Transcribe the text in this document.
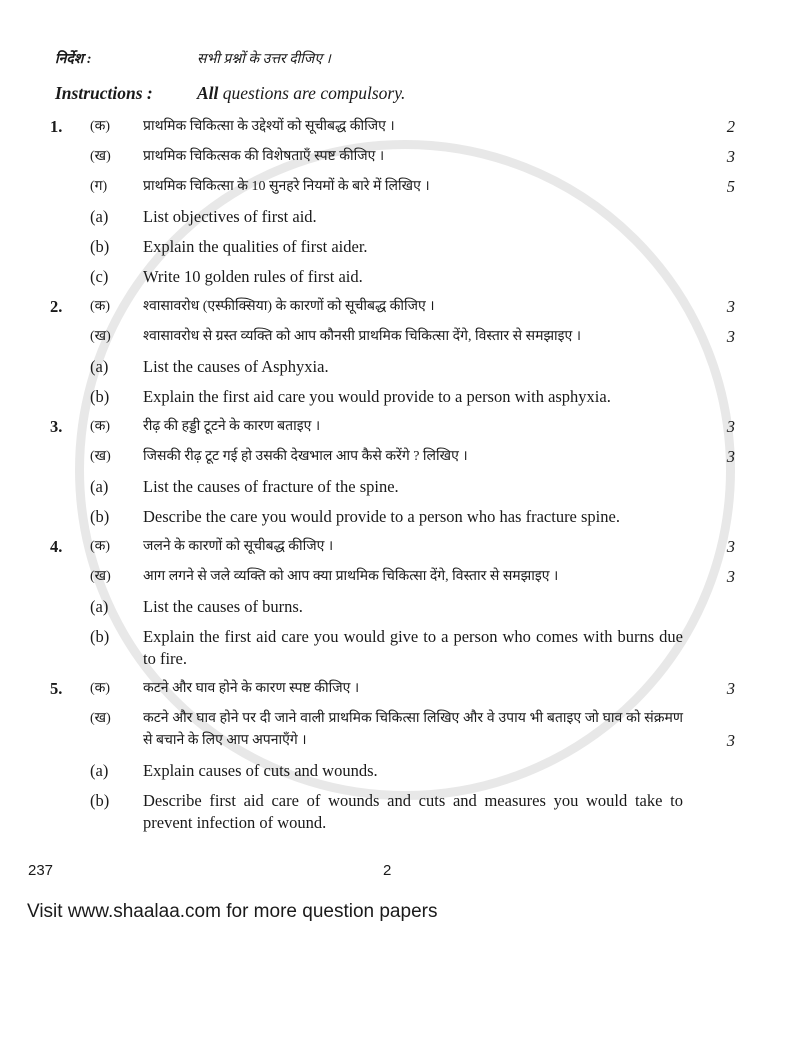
निर्देश :	सभी प्रश्नों के उत्तर दीजिए ।
Instructions :	All questions are compulsory.
1.	(क)	प्राथमिक चिकित्सा के उद्देश्यों को सूचीबद्ध कीजिए ।	2
(ख)	प्राथमिक चिकित्सक की विशेषताएँ स्पष्ट कीजिए ।	3
(ग)	प्राथमिक चिकित्सा के 10 सुनहरे नियमों के बारे में लिखिए ।	5
(a)	List objectives of first aid.
(b)	Explain the qualities of first aider.
(c)	Write 10 golden rules of first aid.
2.	(क)	श्वासावरोध (एस्फीक्सिया) के कारणों को सूचीबद्ध कीजिए ।	3
(ख)	श्वासावरोध से ग्रस्त व्यक्ति को आप कौनसी प्राथमिक चिकित्सा देंगे, विस्तार से समझाइए ।	3
(a)	List the causes of Asphyxia.
(b)	Explain the first aid care you would provide to a person with asphyxia.
3.	(क)	रीढ़ की हड्डी टूटने के कारण बताइए ।	3
(ख)	जिसकी रीढ़ टूट गई हो उसकी देखभाल आप कैसे करेंगे ? लिखिए ।	3
(a)	List the causes of fracture of the spine.
(b)	Describe the care you would provide to a person who has fracture spine.
4.	(क)	जलने के कारणों को सूचीबद्ध कीजिए ।	3
(ख)	आग लगने से जले व्यक्ति को आप क्या प्राथमिक चिकित्सा देंगे, विस्तार से समझाइए ।	3
(a)	List the causes of burns.
(b)	Explain the first aid care you would give to a person who comes with burns due to fire.
5.	(क)	कटने और घाव होने के कारण स्पष्ट कीजिए ।	3
(ख)	कटने और घाव होने पर दी जाने वाली प्राथमिक चिकित्सा लिखिए और वे उपाय भी बताइए जो घाव को संक्रमण से बचाने के लिए आप अपनाएँगे ।	3
(a)	Explain causes of cuts and wounds.
(b)	Describe first aid care of wounds and cuts and measures you would take to prevent infection of wound.
237	2
Visit www.shaalaa.com for more question papers
